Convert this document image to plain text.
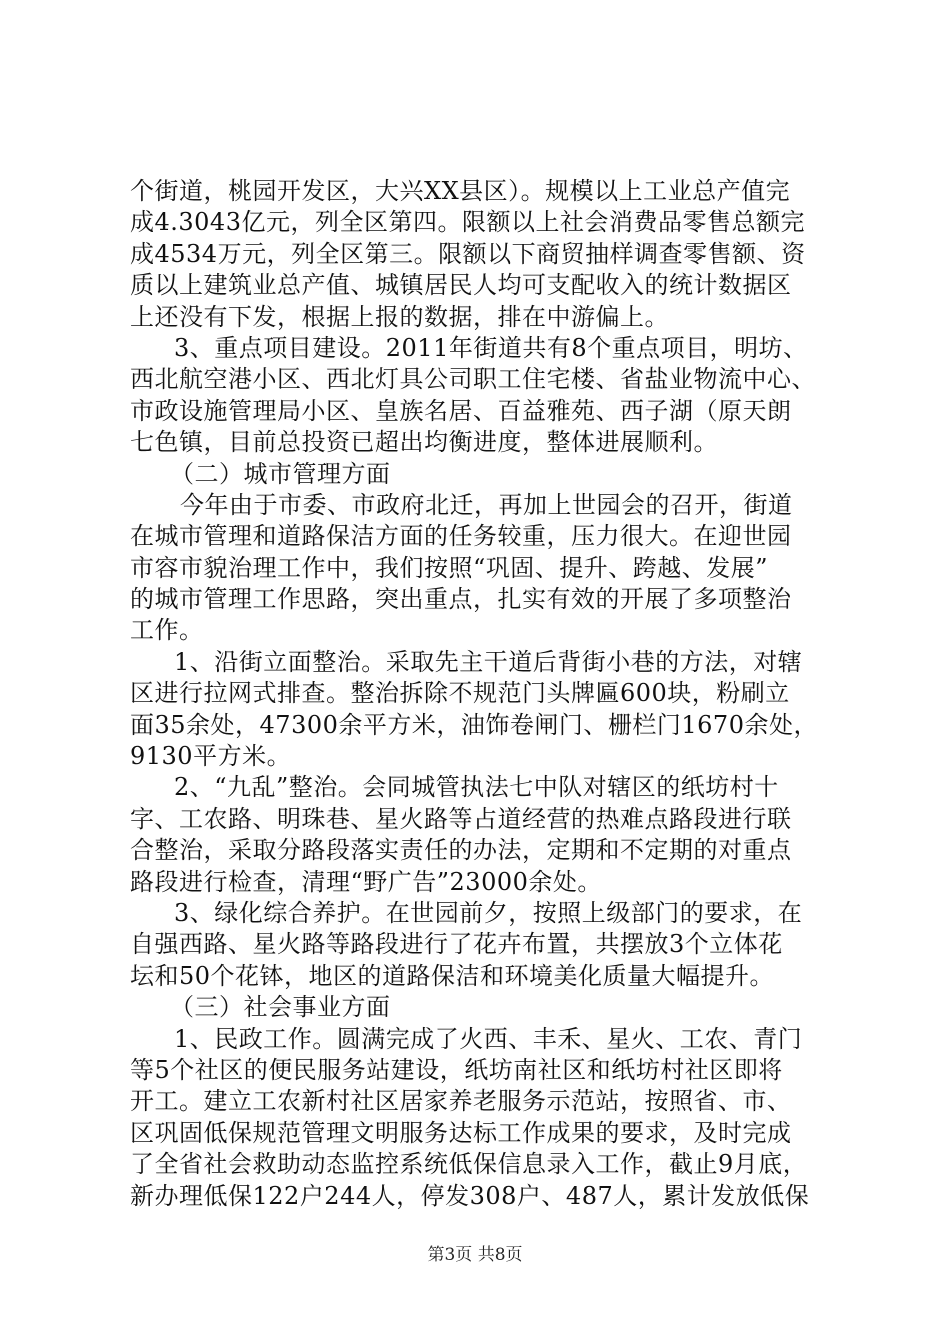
个街道，桃园开发区，大兴XX县区）。规模以上工业总产值完
成4.3043亿元，列全区第四。限额以上社会消费品零售总额完
成4534万元，列全区第三。限额以下商贸抽样调查零售额、资
质以上建筑业总产值、城镇居民人均可支配收入的统计数据区
上还没有下发，根据上报的数据，排在中游偏上。
3、重点项目建设。2011年街道共有8个重点项目，明坊、
西北航空港小区、西北灯具公司职工住宅楼、省盐业物流中心、
市政设施管理局小区、皇族名居、百益雅苑、西子湖（原天朗
七色镇，目前总投资已超出均衡进度，整体进展顺利。
（二）城市管理方面
今年由于市委、市政府北迁，再加上世园会的召开，街道
在城市管理和道路保洁方面的任务较重，压力很大。在迎世园
市容市貌治理工作中，我们按照“巩固、提升、跨越、发展”
的城市管理工作思路，突出重点，扎实有效的开展了多项整治
工作。
1、沿街立面整治。采取先主干道后背街小巷的方法，对辖
区进行拉网式排查。整治拆除不规范门头牌匾600块，粉刷立
面35余处，47300余平方米，油饰卷闸门、栅栏门1670余处，
9130平方米。
2、“九乱”整治。会同城管执法七中队对辖区的纸坊村十
字、工农路、明珠巷、星火路等占道经营的热难点路段进行联
合整治，采取分路段落实责任的办法，定期和不定期的对重点
路段进行检查，清理“野广告”23000余处。
3、绿化综合养护。在世园前夕，按照上级部门的要求，在
自强西路、星火路等路段进行了花卉布置，共摆放3个立体花
坛和50个花钵，地区的道路保洁和环境美化质量大幅提升。
（三）社会事业方面
1、民政工作。圆满完成了火西、丰禾、星火、工农、青门
等5个社区的便民服务站建设，纸坊南社区和纸坊村社区即将
开工。建立工农新村社区居家养老服务示范站，按照省、市、
区巩固低保规范管理文明服务达标工作成果的要求，及时完成
了全省社会救助动态监控系统低保信息录入工作，截止9月底，
新办理低保122户244人，停发308户、487人，累计发放低保
第3页 共8页
